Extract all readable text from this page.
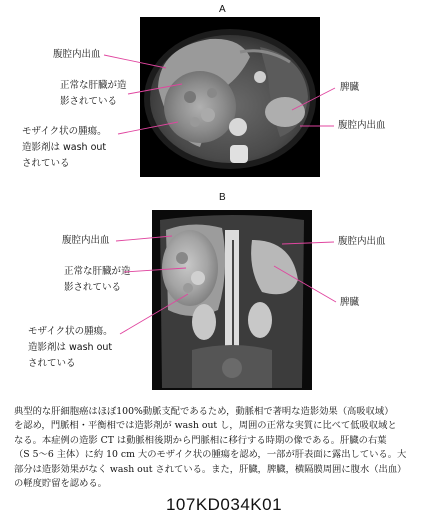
A
腹腔内出血
正常な肝臓が造
影されている
モザイク状の腫瘍。
造影剤は wash out
されている
脾臓
腹腔内出血
B
腹腔内出血
正常な肝臓が造
影されている
モザイク状の腫瘍。
造影剤は wash out
されている
腹腔内出血
脾臓
典型的な肝細胞癌はほぼ100%動脈支配であるため，動脈相で著明な造影効果（高吸収域）
を認め，門脈相・平衡相では造影剤が wash out し，周囲の正常な実質に比べて低吸収域と
なる。本症例の造影 CT は動脈相後期から門脈相に移行する時期の像である。肝臓の右葉
（S 5～6 主体）に約 10 cm 大のモザイク状の腫瘍を認め，一部が肝表面に露出している。大
部分は造影効果がなく wash out されている。また，肝臓，脾臓，横隔膜周囲に腹水（出血）
の軽度貯留を認める。
107KD034K01
